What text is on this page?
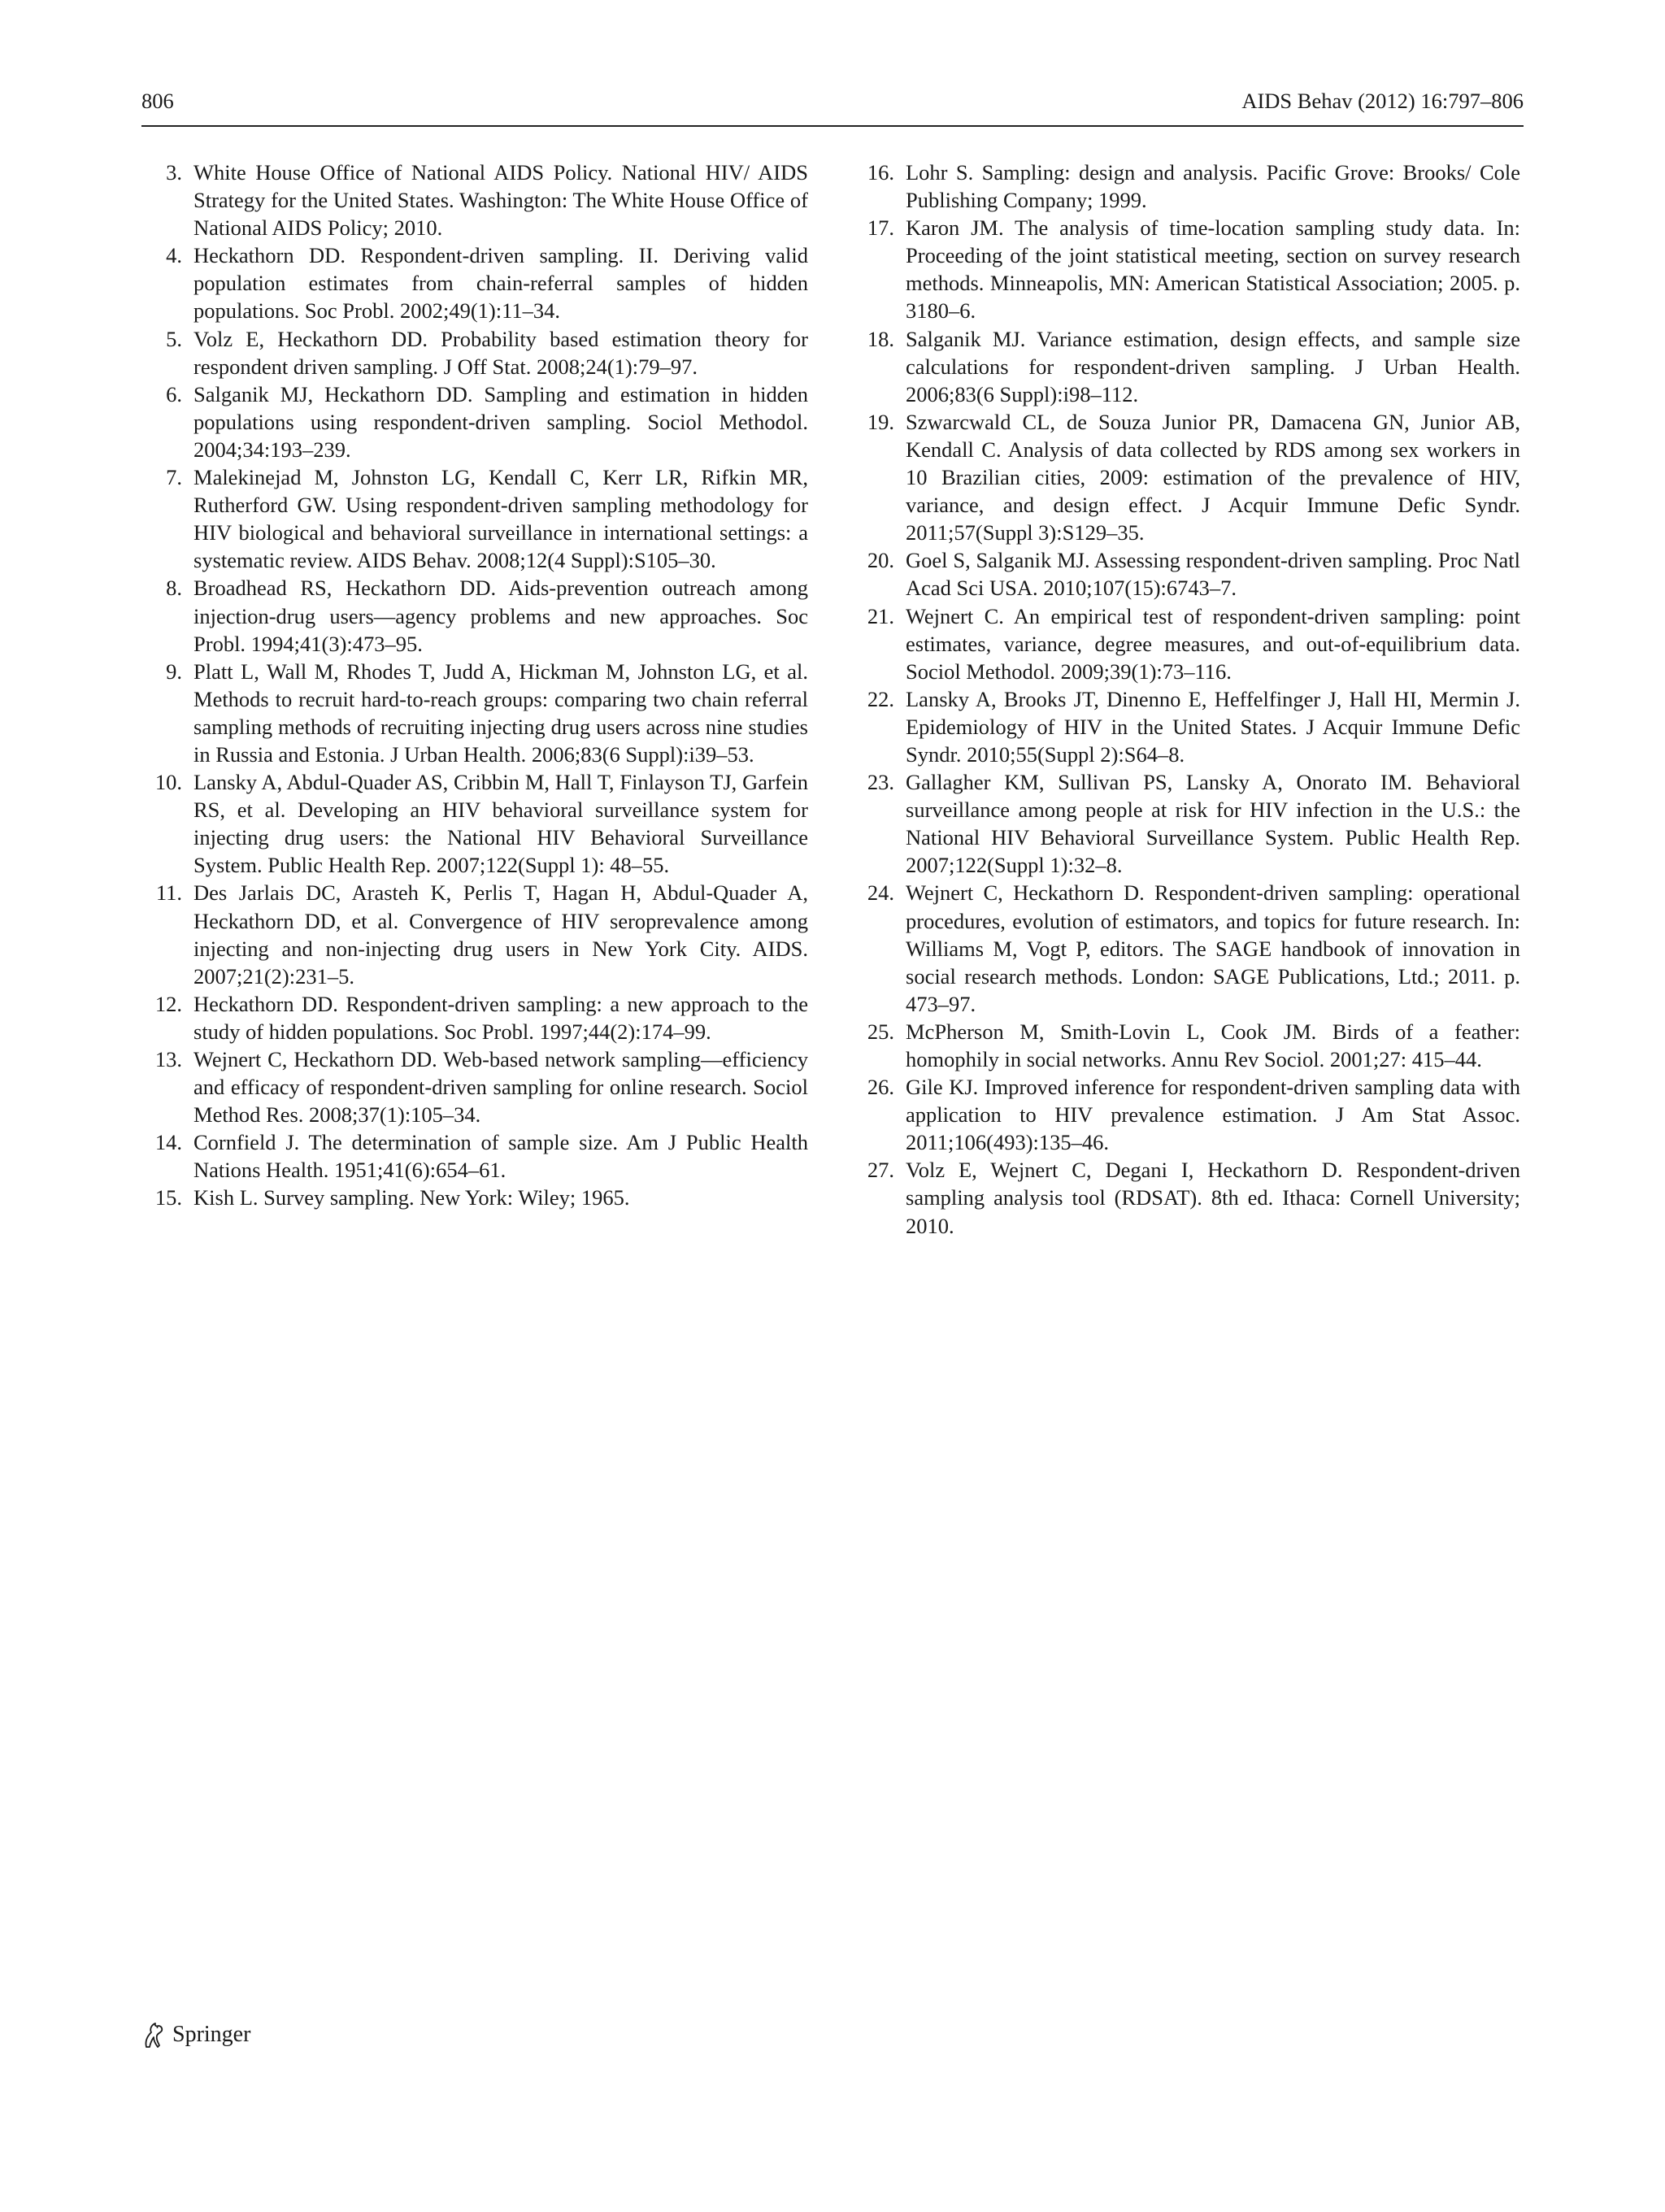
806	AIDS Behav (2012) 16:797–806
3. White House Office of National AIDS Policy. National HIV/ AIDS Strategy for the United States. Washington: The White House Office of National AIDS Policy; 2010.
4. Heckathorn DD. Respondent-driven sampling. II. Deriving valid population estimates from chain-referral samples of hidden populations. Soc Probl. 2002;49(1):11–34.
5. Volz E, Heckathorn DD. Probability based estimation theory for respondent driven sampling. J Off Stat. 2008;24(1):79–97.
6. Salganik MJ, Heckathorn DD. Sampling and estimation in hidden populations using respondent-driven sampling. Sociol Methodol. 2004;34:193–239.
7. Malekinejad M, Johnston LG, Kendall C, Kerr LR, Rifkin MR, Rutherford GW. Using respondent-driven sampling methodology for HIV biological and behavioral surveillance in international settings: a systematic review. AIDS Behav. 2008;12(4 Suppl):S105–30.
8. Broadhead RS, Heckathorn DD. Aids-prevention outreach among injection-drug users—agency problems and new approaches. Soc Probl. 1994;41(3):473–95.
9. Platt L, Wall M, Rhodes T, Judd A, Hickman M, Johnston LG, et al. Methods to recruit hard-to-reach groups: comparing two chain referral sampling methods of recruiting injecting drug users across nine studies in Russia and Estonia. J Urban Health. 2006;83(6 Suppl):i39–53.
10. Lansky A, Abdul-Quader AS, Cribbin M, Hall T, Finlayson TJ, Garfein RS, et al. Developing an HIV behavioral surveillance system for injecting drug users: the National HIV Behavioral Surveillance System. Public Health Rep. 2007;122(Suppl 1): 48–55.
11. Des Jarlais DC, Arasteh K, Perlis T, Hagan H, Abdul-Quader A, Heckathorn DD, et al. Convergence of HIV seroprevalence among injecting and non-injecting drug users in New York City. AIDS. 2007;21(2):231–5.
12. Heckathorn DD. Respondent-driven sampling: a new approach to the study of hidden populations. Soc Probl. 1997;44(2):174–99.
13. Wejnert C, Heckathorn DD. Web-based network sampling—efficiency and efficacy of respondent-driven sampling for online research. Sociol Method Res. 2008;37(1):105–34.
14. Cornfield J. The determination of sample size. Am J Public Health Nations Health. 1951;41(6):654–61.
15. Kish L. Survey sampling. New York: Wiley; 1965.
16. Lohr S. Sampling: design and analysis. Pacific Grove: Brooks/ Cole Publishing Company; 1999.
17. Karon JM. The analysis of time-location sampling study data. In: Proceeding of the joint statistical meeting, section on survey research methods. Minneapolis, MN: American Statistical Association; 2005. p. 3180–6.
18. Salganik MJ. Variance estimation, design effects, and sample size calculations for respondent-driven sampling. J Urban Health. 2006;83(6 Suppl):i98–112.
19. Szwarcwald CL, de Souza Junior PR, Damacena GN, Junior AB, Kendall C. Analysis of data collected by RDS among sex workers in 10 Brazilian cities, 2009: estimation of the prevalence of HIV, variance, and design effect. J Acquir Immune Defic Syndr. 2011;57(Suppl 3):S129–35.
20. Goel S, Salganik MJ. Assessing respondent-driven sampling. Proc Natl Acad Sci USA. 2010;107(15):6743–7.
21. Wejnert C. An empirical test of respondent-driven sampling: point estimates, variance, degree measures, and out-of-equilibrium data. Sociol Methodol. 2009;39(1):73–116.
22. Lansky A, Brooks JT, Dinenno E, Heffelfinger J, Hall HI, Mermin J. Epidemiology of HIV in the United States. J Acquir Immune Defic Syndr. 2010;55(Suppl 2):S64–8.
23. Gallagher KM, Sullivan PS, Lansky A, Onorato IM. Behavioral surveillance among people at risk for HIV infection in the U.S.: the National HIV Behavioral Surveillance System. Public Health Rep. 2007;122(Suppl 1):32–8.
24. Wejnert C, Heckathorn D. Respondent-driven sampling: operational procedures, evolution of estimators, and topics for future research. In: Williams M, Vogt P, editors. The SAGE handbook of innovation in social research methods. London: SAGE Publications, Ltd.; 2011. p. 473–97.
25. McPherson M, Smith-Lovin L, Cook JM. Birds of a feather: homophily in social networks. Annu Rev Sociol. 2001;27: 415–44.
26. Gile KJ. Improved inference for respondent-driven sampling data with application to HIV prevalence estimation. J Am Stat Assoc. 2011;106(493):135–46.
27. Volz E, Wejnert C, Degani I, Heckathorn D. Respondent-driven sampling analysis tool (RDSAT). 8th ed. Ithaca: Cornell University; 2010.
Springer
